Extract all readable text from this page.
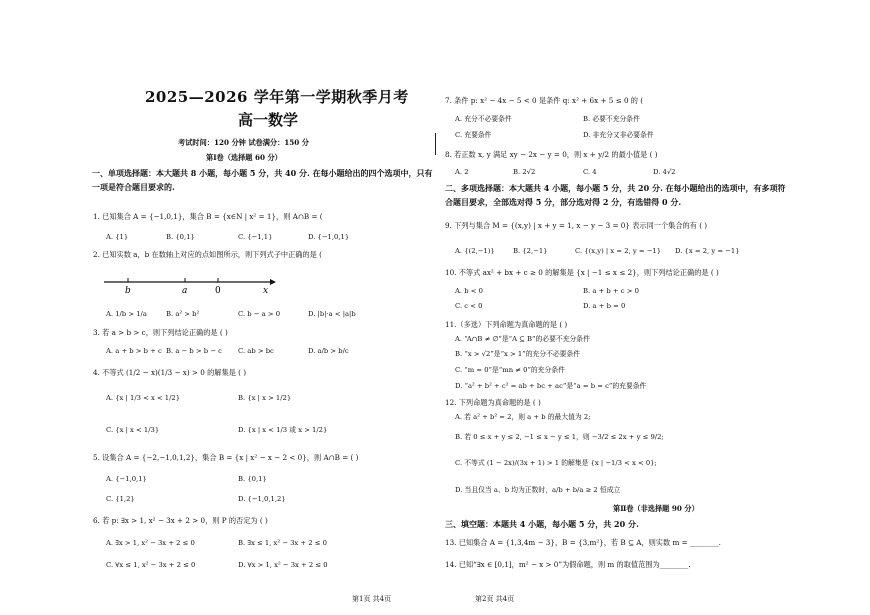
2025—2026 学年第一学期秋季月考
高一数学
考试时间：120 分钟 试卷满分：150 分
第Ⅰ卷（选择题 60 分）
一、单项选择题：本大题共 8 小题，每小题 5 分，共 40 分. 在每小题给出的四个选项中，只有
一项是符合题目要求的.
1. 已知集合 A = {−1,0,1}，集合 B = {x∈N | x² = 1}，则 A∩B = (
A. {1}	B. {0,1}	C. {−1,1}	D. {−1,0,1}
2. 已知实数 a，b 在数轴上对应的点如图所示，则下列式子中正确的是 (
b	a	0	x
A. 1/b > 1/a	B. a² > b²	C. b − a > 0	D. |b|·a < |a|b
3. 若 a > b > c，则下列结论正确的是 ( )
A. a + b > b + c B. a − b > b − c C. ab > bc	D. a/b > b/c
4. 不等式 (1/2 − x)(1/3 − x) > 0 的解集是 ( )
A. {x | 1/3 < x < 1/2}	B. {x | x > 1/2}
C. {x | x < 1/3}	D. {x | x < 1/3 或 x > 1/2}
5. 设集合 A = {−2,−1,0,1,2}，集合 B = {x | x² − x − 2 < 0}，则 A∩B = ( )
A. {−1,0,1}	B. {0,1}
C. {1,2}	D. {−1,0,1,2}
6. 若 p: ∃x > 1, x² − 3x + 2 > 0，则 P 的否定为 ( )
A. ∃x > 1, x² − 3x + 2 ≤ 0	B. ∃x ≤ 1, x² − 3x + 2 ≤ 0
C. ∀x ≤ 1, x² − 3x + 2 ≤ 0	D. ∀x > 1, x² − 3x + 2 ≤ 0
第1页 共4页
7. 条件 p: x² − 4x − 5 < 0 是条件 q: x² + 6x + 5 ≤ 0 的 (
A. 充分不必要条件	B. 必要不充分条件
C. 充要条件	D. 非充分又非必要条件
8. 若正数 x, y 满足 xy − 2x − y = 0，则 x + y/2 的最小值是 ( )
A. 2	B. 2√2	C. 4	D. 4√2
二、多项选择题：本大题共 4 小题，每小题 5 分，共 20 分. 在每小题给出的选项中，有多项符
合题目要求，全部选对得 5 分，部分选对得 2 分，有选错得 0 分.
9. 下列与集合 M = {(x,y) | x + y = 1, x − y − 3 = 0} 表示同一个集合的有 ( )
A. {(2,−1)}	B. {2,−1}	C. {(x,y) | x = 2, y = −1} D. {x = 2, y = −1}
10. 不等式 ax² + bx + c ≥ 0 的解集是 {x | −1 ≤ x ≤ 2}，则下列结论正确的是 ( )
A. b < 0	B. a + b + c > 0
C. c < 0	D. a + b = 0
11.（多选）下列命题为真命题的是 ( )
A. “A∩B ≠ ∅”是“A ⊆ B”的必要不充分条件
B. “x > √2”是“x > 1”的充分不必要条件
C. “m = 0”是“mn ≠ 0”的充分条件
D. “a² + b² + c² = ab + bc + ac”是“a = b = c”的充要条件
12. 下列命题为真命题的是 ( )
A. 若 a² + b² = 2，则 a + b 的最大值为 2;
B. 若 0 ≤ x + y ≤ 2, −1 ≤ x − y ≤ 1，则 −3/2 ≤ 2x + y ≤ 9/2;
C. 不等式 (1 − 2x)/(3x + 1) > 1 的解集是 {x | −1/3 < x < 0};
D. 当且仅当 a、b 均为正数时，a/b + b/a ≥ 2 恒成立
第Ⅱ卷（非选择题 90 分）
三、填空题：本题共 4 小题，每小题 5 分，共 20 分.
13. 已知集合 A = {1,3,4m − 3}，B = {3,m²}，若 B ⊆ A，则实数 m = ________.
14. 已知“∃x ∈ [0,1]，m² − x > 0”为假命题，则 m 的取值范围为________.
第2页 共4页
